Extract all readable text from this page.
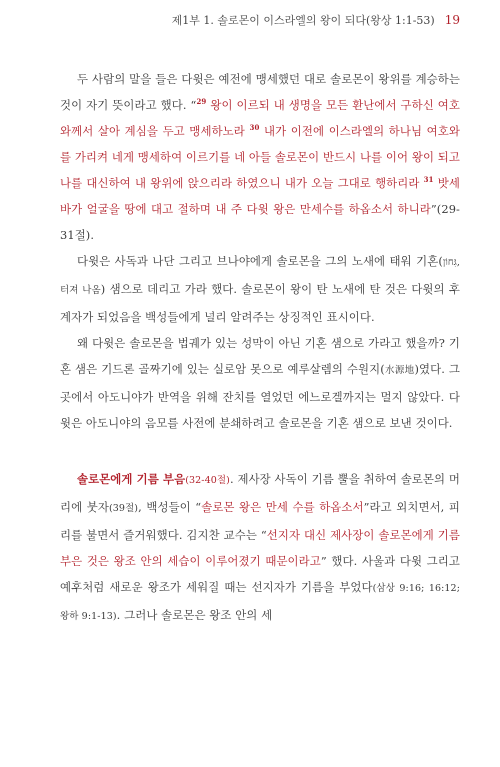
제1부 1. 솔로몬이 이스라엘의 왕이 되다(왕상 1:1-53) 19

두 사람의 말을 들은 다윗은 예전에 맹세했던 대로 솔로몬이 왕위를 계승하는 것이 자기 뜻이라고 했다. “$^{29}$ 왕이 이르되 내 생명을 모든 환난에서 구하신 여호와께서 살아 계심을 두고 맹세하노라 $^{30}$ 내가 이전에 이스라엘의 하나님 여호와를 가리켜 네게 맹세하여 이르기를 네 아들 솔로몬이 반드시 나를 이어 왕이 되고 나를 대신하여 내 왕위에 앉으리라 하였으니 내가 오늘 그대로 행하리라 $^{31}$ 밧세바가 얼굴을 땅에 대고 절하며 내 주 다윗 왕은 만세수를 하옵소서 하니라”(29-31절).

다윗은 사독과 나단 그리고 브나야에게 솔로몬을 그의 노새에 태워 기혼(גִּחוֹן, 터져 나옴) 샘으로 데리고 가라 했다. 솔로몬이 왕이 탄 노새에 탄 것은 다윗의 후계자가 되었음을 백성들에게 널리 알려주는 상징적인 표시이다.

왜 다윗은 솔로몬을 법궤가 있는 성막이 아닌 기혼 샘으로 가라고 했을까? 기혼 샘은 기드론 골짜기에 있는 실로암 못으로 예루살렘의 수원지(水源地)였다. 그곳에서 아도니야가 반역을 위해 잔치를 열었던 에느로겔까지는 멀지 않았다. 다윗은 아도니야의 음모를 사전에 분쇄하려고 솔로몬을 기혼 샘으로 보낸 것이다.

솔로몬에게 기름 부음(32-40절). 제사장 사독이 기름 뿔을 취하여 솔로몬의 머리에 붓자(39절), 백성들이 “솔로몬 왕은 만세 수를 하옵소서”라고 외치면서, 피리를 불면서 즐거워했다. 김지찬 교수는 “선지자 대신 제사장이 솔로몬에게 기름 부은 것은 왕조 안의 세습이 이루어졌기 때문이라고” 했다. 사울과 다윗 그리고 예후처럼 새로운 왕조가 세워질 때는 선지자가 기름을 부었다(삼상 9:16; 16:12; 왕하 9:1-13). 그러나 솔로몬은 왕조 안의 세
